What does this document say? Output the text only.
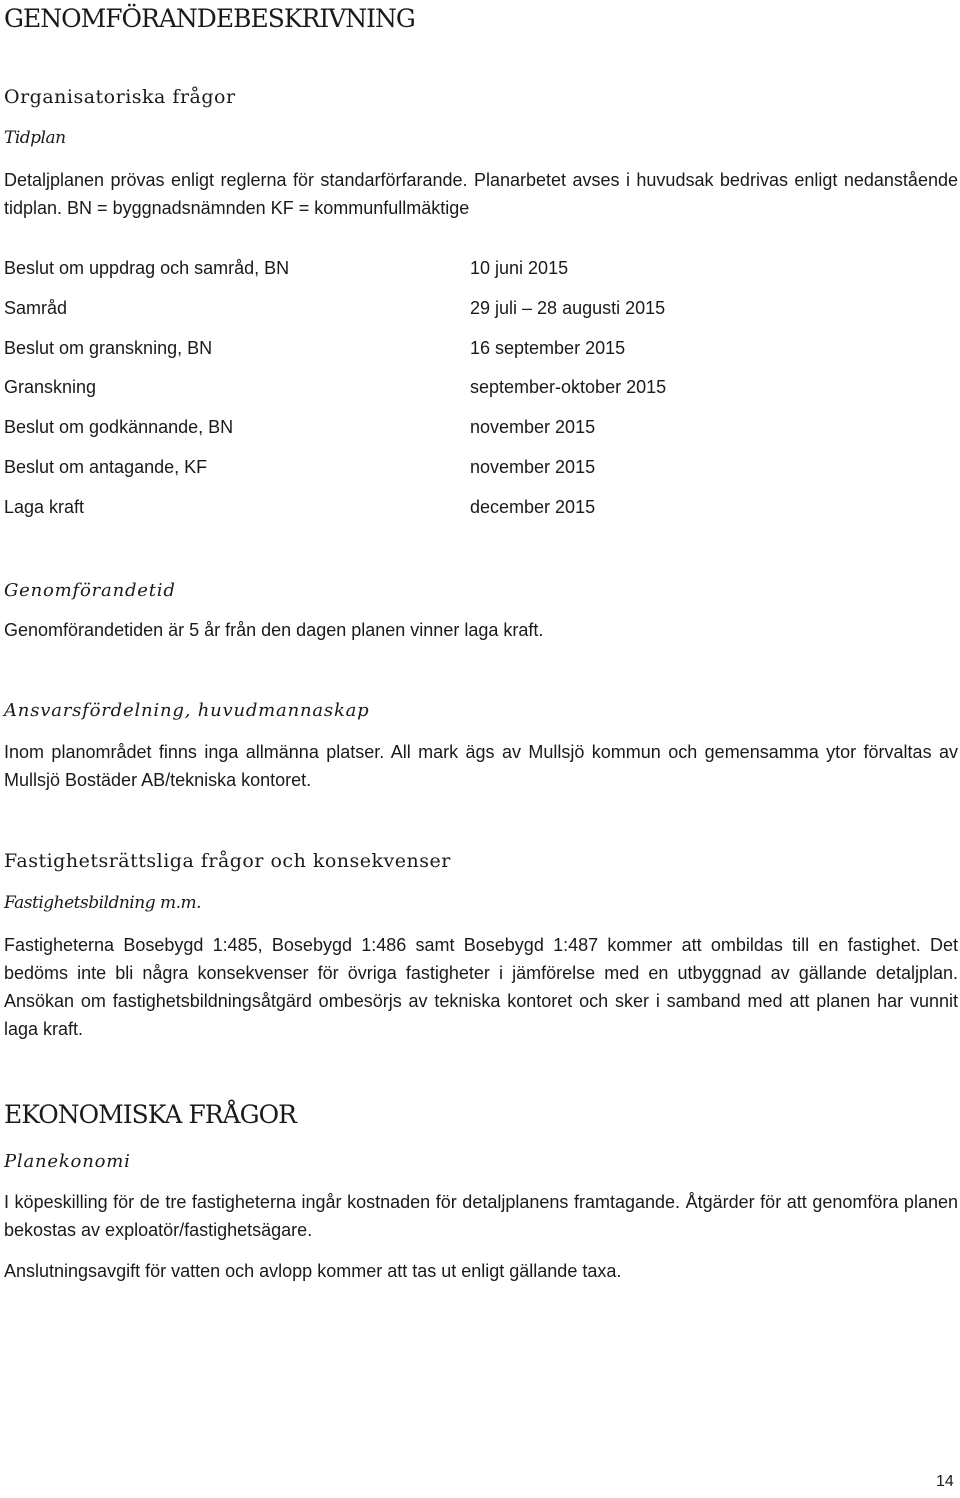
GENOMFÖRANDEBESKRIVNING
Organisatoriska frågor
Tidplan
Detaljplanen prövas enligt reglerna för standarförfarande. Planarbetet avses i huvudsak bedrivas enligt nedanstående tidplan. BN = byggnadsnämnden KF = kommunfullmäktige
Beslut om uppdrag och samråd, BN	10 juni 2015
Samråd	29 juli – 28 augusti 2015
Beslut om granskning, BN	16 september 2015
Granskning	september-oktober 2015
Beslut om godkännande, BN	november 2015
Beslut om antagande, KF	november 2015
Laga kraft	december 2015
Genomförandetid
Genomförandetiden är 5 år från den dagen planen vinner laga kraft.
Ansvarsfördelning, huvudmannaskap
Inom planområdet finns inga allmänna platser. All mark ägs av Mullsjö kommun och gemensamma ytor förvaltas av Mullsjö Bostäder AB/tekniska kontoret.
Fastighetsrättsliga frågor och konsekvenser
Fastighetsbildning m.m.
Fastigheterna Bosebygd 1:485, Bosebygd 1:486 samt Bosebygd 1:487 kommer att ombildas till en fastighet. Det bedöms inte bli några konsekvenser för övriga fastigheter i jämförelse med en utbyggnad av gällande detaljplan. Ansökan om fastighetsbildningsåtgärd ombesörjs av tekniska kontoret och sker i samband med att planen har vunnit laga kraft.
EKONOMISKA FRÅGOR
Planekonomi
I köpeskilling för de tre fastigheterna ingår kostnaden för detaljplanens framtagande. Åtgärder för att genomföra planen bekostas av exploatör/fastighetsägare.
Anslutningsavgift för vatten och avlopp kommer att tas ut enligt gällande taxa.
14
